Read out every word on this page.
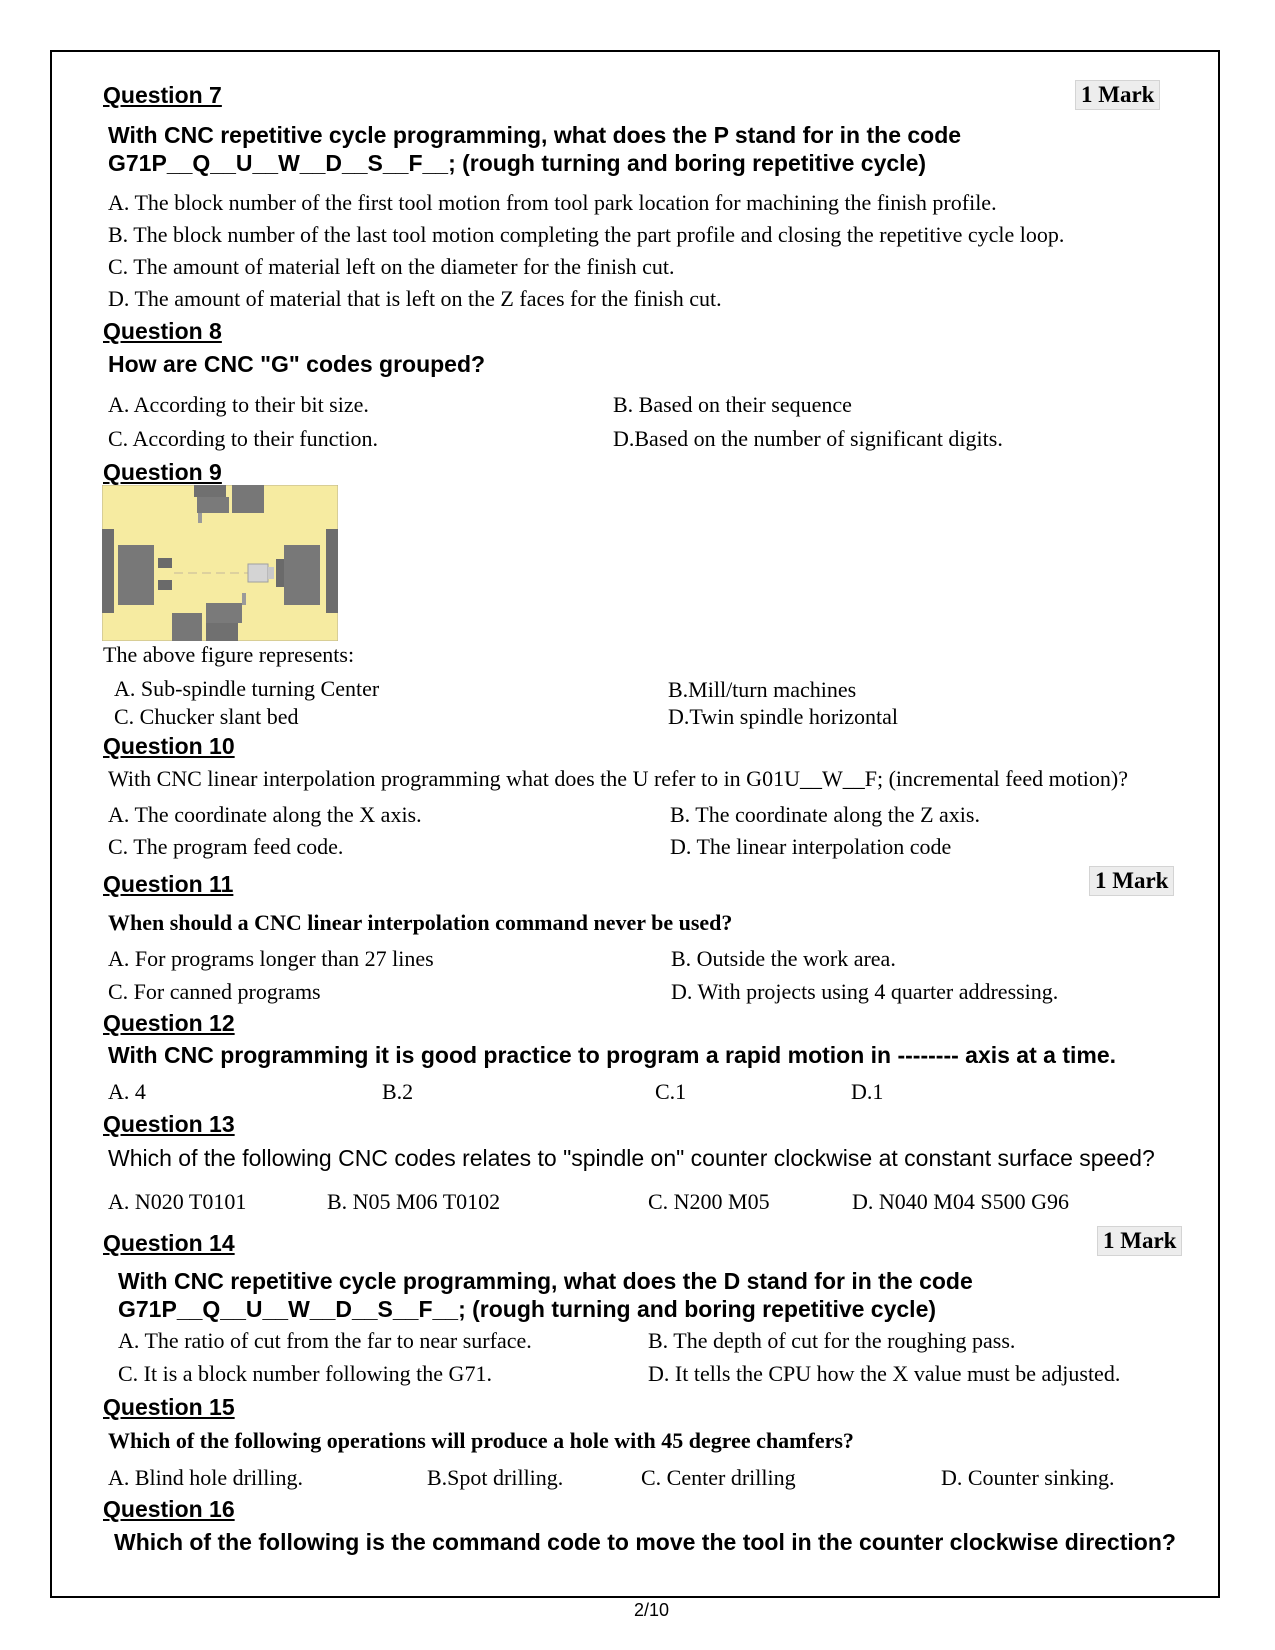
Question 7	1 Mark
With CNC repetitive cycle programming, what does the P stand for in the code
G71P__Q__U__W__D__S__F__; (rough turning and boring repetitive cycle)
A. The block number of the first tool motion from tool park location for machining the finish profile.
B. The block number of the last tool motion completing the part profile and closing the repetitive cycle loop.
C. The amount of material left on the diameter for the finish cut.
D. The amount of material that is left on the Z faces for the finish cut.
Question 8
How are CNC "G" codes grouped?
A. According to their bit size.	B. Based on their sequence
C. According to their function.	D.Based on the number of significant digits.
Question 9
The above figure represents:
A. Sub-spindle turning Center	B.Mill/turn machines
C. Chucker slant bed	D.Twin spindle horizontal
Question 10
With CNC linear interpolation programming what does the U refer to in G01U__W__F; (incremental feed motion)?
A. The coordinate along the X axis.	B. The coordinate along the Z axis.
C. The program feed code.	D. The linear interpolation code
Question 11	1 Mark
When should a CNC linear interpolation command never be used?
A. For programs longer than 27 lines	B. Outside the work area.
C. For canned programs	D. With projects using 4 quarter addressing.
Question 12
With CNC programming it is good practice to program a rapid motion in -------- axis at a time.
A. 4	B.2	C.1	D.1
Question 13
Which of the following CNC codes relates to "spindle on" counter clockwise at constant surface speed?
A. N020 T0101	B. N05 M06 T0102	C. N200 M05	D. N040 M04 S500 G96
Question 14	1 Mark
With CNC repetitive cycle programming, what does the D stand for in the code
G71P__Q__U__W__D__S__F__; (rough turning and boring repetitive cycle)
A. The ratio of cut from the far to near surface.	B. The depth of cut for the roughing pass.
C. It is a block number following the G71.	D. It tells the CPU how the X value must be adjusted.
Question 15
Which of the following operations will produce a hole with 45 degree chamfers?
A. Blind hole drilling.	B.Spot drilling.	C. Center drilling	D. Counter sinking.
Question 16
Which of the following is the command code to move the tool in the counter clockwise direction?
2/10
